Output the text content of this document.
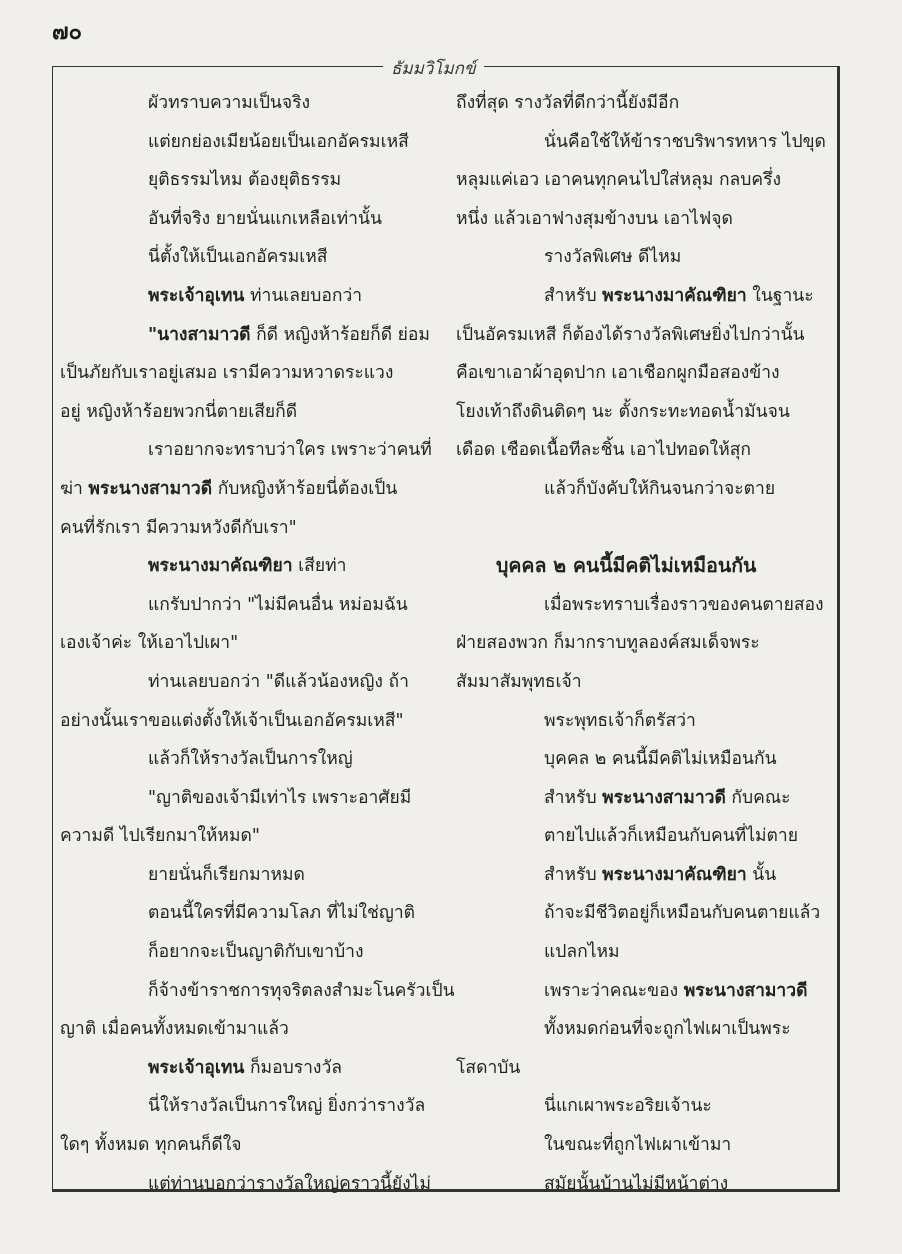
๗๐
ธัมมวิโมกข์
ผัวทราบความเป็นจริง
แต่ยกย่องเมียน้อยเป็นเอกอัครมเหสี
ยุติธรรมไหม ต้องยุติธรรม
อันที่จริง ยายนั่นแกเหลือเท่านั้น
นี่ตั้งให้เป็นเอกอัครมเหสี
พระเจ้าอุเทน ท่านเลยบอกว่า
"นางสามาวดี ก็ดี หญิงห้าร้อยก็ดี ย่อม
เป็นภัยกับเราอยู่เสมอ เรามีความหวาดระแวง
อยู่ หญิงห้าร้อยพวกนี่ตายเสียก็ดี
เราอยากจะทราบว่าใคร เพราะว่าคนที่
ฆ่า พระนางสามาวดี กับหญิงห้าร้อยนี่ต้องเป็น
คนที่รักเรา มีความหวังดีกับเรา"
พระนางมาคัณฑิยา เสียท่า
แกรับปากว่า "ไม่มีคนอื่น หม่อมฉัน
เองเจ้าค่ะ ให้เอาไปเผา"
ท่านเลยบอกว่า "ดีแล้วน้องหญิง ถ้า
อย่างนั้นเราขอแต่งตั้งให้เจ้าเป็นเอกอัครมเหสี"
แล้วก็ให้รางวัลเป็นการใหญ่
"ญาติของเจ้ามีเท่าไร เพราะอาศัยมี
ความดี ไปเรียกมาให้หมด"
ยายนั่นก็เรียกมาหมด
ตอนนี้ใครที่มีความโลภ ที่ไม่ใช่ญาติ
ก็อยากจะเป็นญาติกับเขาบ้าง
ก็จ้างข้าราชการทุจริตลงสำมะโนครัวเป็น
ญาติ เมื่อคนทั้งหมดเข้ามาแล้ว
พระเจ้าอุเทน ก็มอบรางวัล
นี่ให้รางวัลเป็นการใหญ่ ยิ่งกว่ารางวัล
ใดๆ ทั้งหมด ทุกคนก็ดีใจ
แต่ท่านบอกว่ารางวัลใหญ่คราวนี้ยังไม่
ถึงที่สุด รางวัลที่ดีกว่านี้ยังมีอีก
นั่นคือใช้ให้ข้าราชบริพารทหาร ไปขุด
หลุมแค่เอว เอาคนทุกคนไปใส่หลุม กลบครึ่ง
หนึ่ง แล้วเอาฟางสุมข้างบน เอาไฟจุด
รางวัลพิเศษ ดีไหม
สำหรับ พระนางมาคัณฑิยา ในฐานะ
เป็นอัครมเหสี ก็ต้องได้รางวัลพิเศษยิ่งไปกว่านั้น
คือเขาเอาผ้าอุดปาก เอาเชือกผูกมือสองข้าง
โยงเท้าถึงดินติดๆ นะ ตั้งกระทะทอดน้ำมันจน
เดือด เชือดเนื้อทีละชิ้น เอาไปทอดให้สุก
แล้วก็บังคับให้กินจนกว่าจะตาย
บุคคล ๒ คนนี้มีคติไม่เหมือนกัน
เมื่อพระทราบเรื่องราวของคนตายสอง
ฝ่ายสองพวก ก็มากราบทูลองค์สมเด็จพระ
สัมมาสัมพุทธเจ้า
พระพุทธเจ้าก็ตรัสว่า
บุคคล ๒ คนนี้มีคติไม่เหมือนกัน
สำหรับ พระนางสามาวดี กับคณะ
ตายไปแล้วก็เหมือนกับคนที่ไม่ตาย
สำหรับ พระนางมาคัณฑิยา นั้น
ถ้าจะมีชีวิตอยู่ก็เหมือนกับคนตายแล้ว
แปลกไหม
เพราะว่าคณะของ พระนางสามาวดี
ทั้งหมดก่อนที่จะถูกไฟเผาเป็นพระ
โสดาบัน
นี่แกเผาพระอริยเจ้านะ
ในขณะที่ถูกไฟเผาเข้ามา
สมัยนั้นบ้านไม่มีหน้าต่าง
